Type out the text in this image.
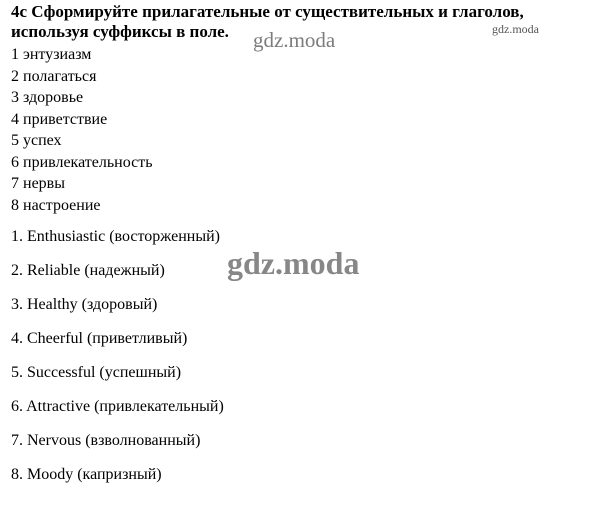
4c Сформируйте прилагательные от существительных и глаголов, используя суффиксы в поле.
1 энтузиазм
2 полагаться
3 здоровье
4 приветствие
5 успех
6 привлекательность
7 нервы
8 настроение
1. Enthusiastic (восторженный)
2. Reliable (надежный)
3. Healthy (здоровый)
4. Cheerful (приветливый)
5. Successful (успешный)
6. Attractive (привлекательный)
7. Nervous (взволнованный)
8. Moody (капризный)
gdz.moda
gdz.moda
gdz.moda
